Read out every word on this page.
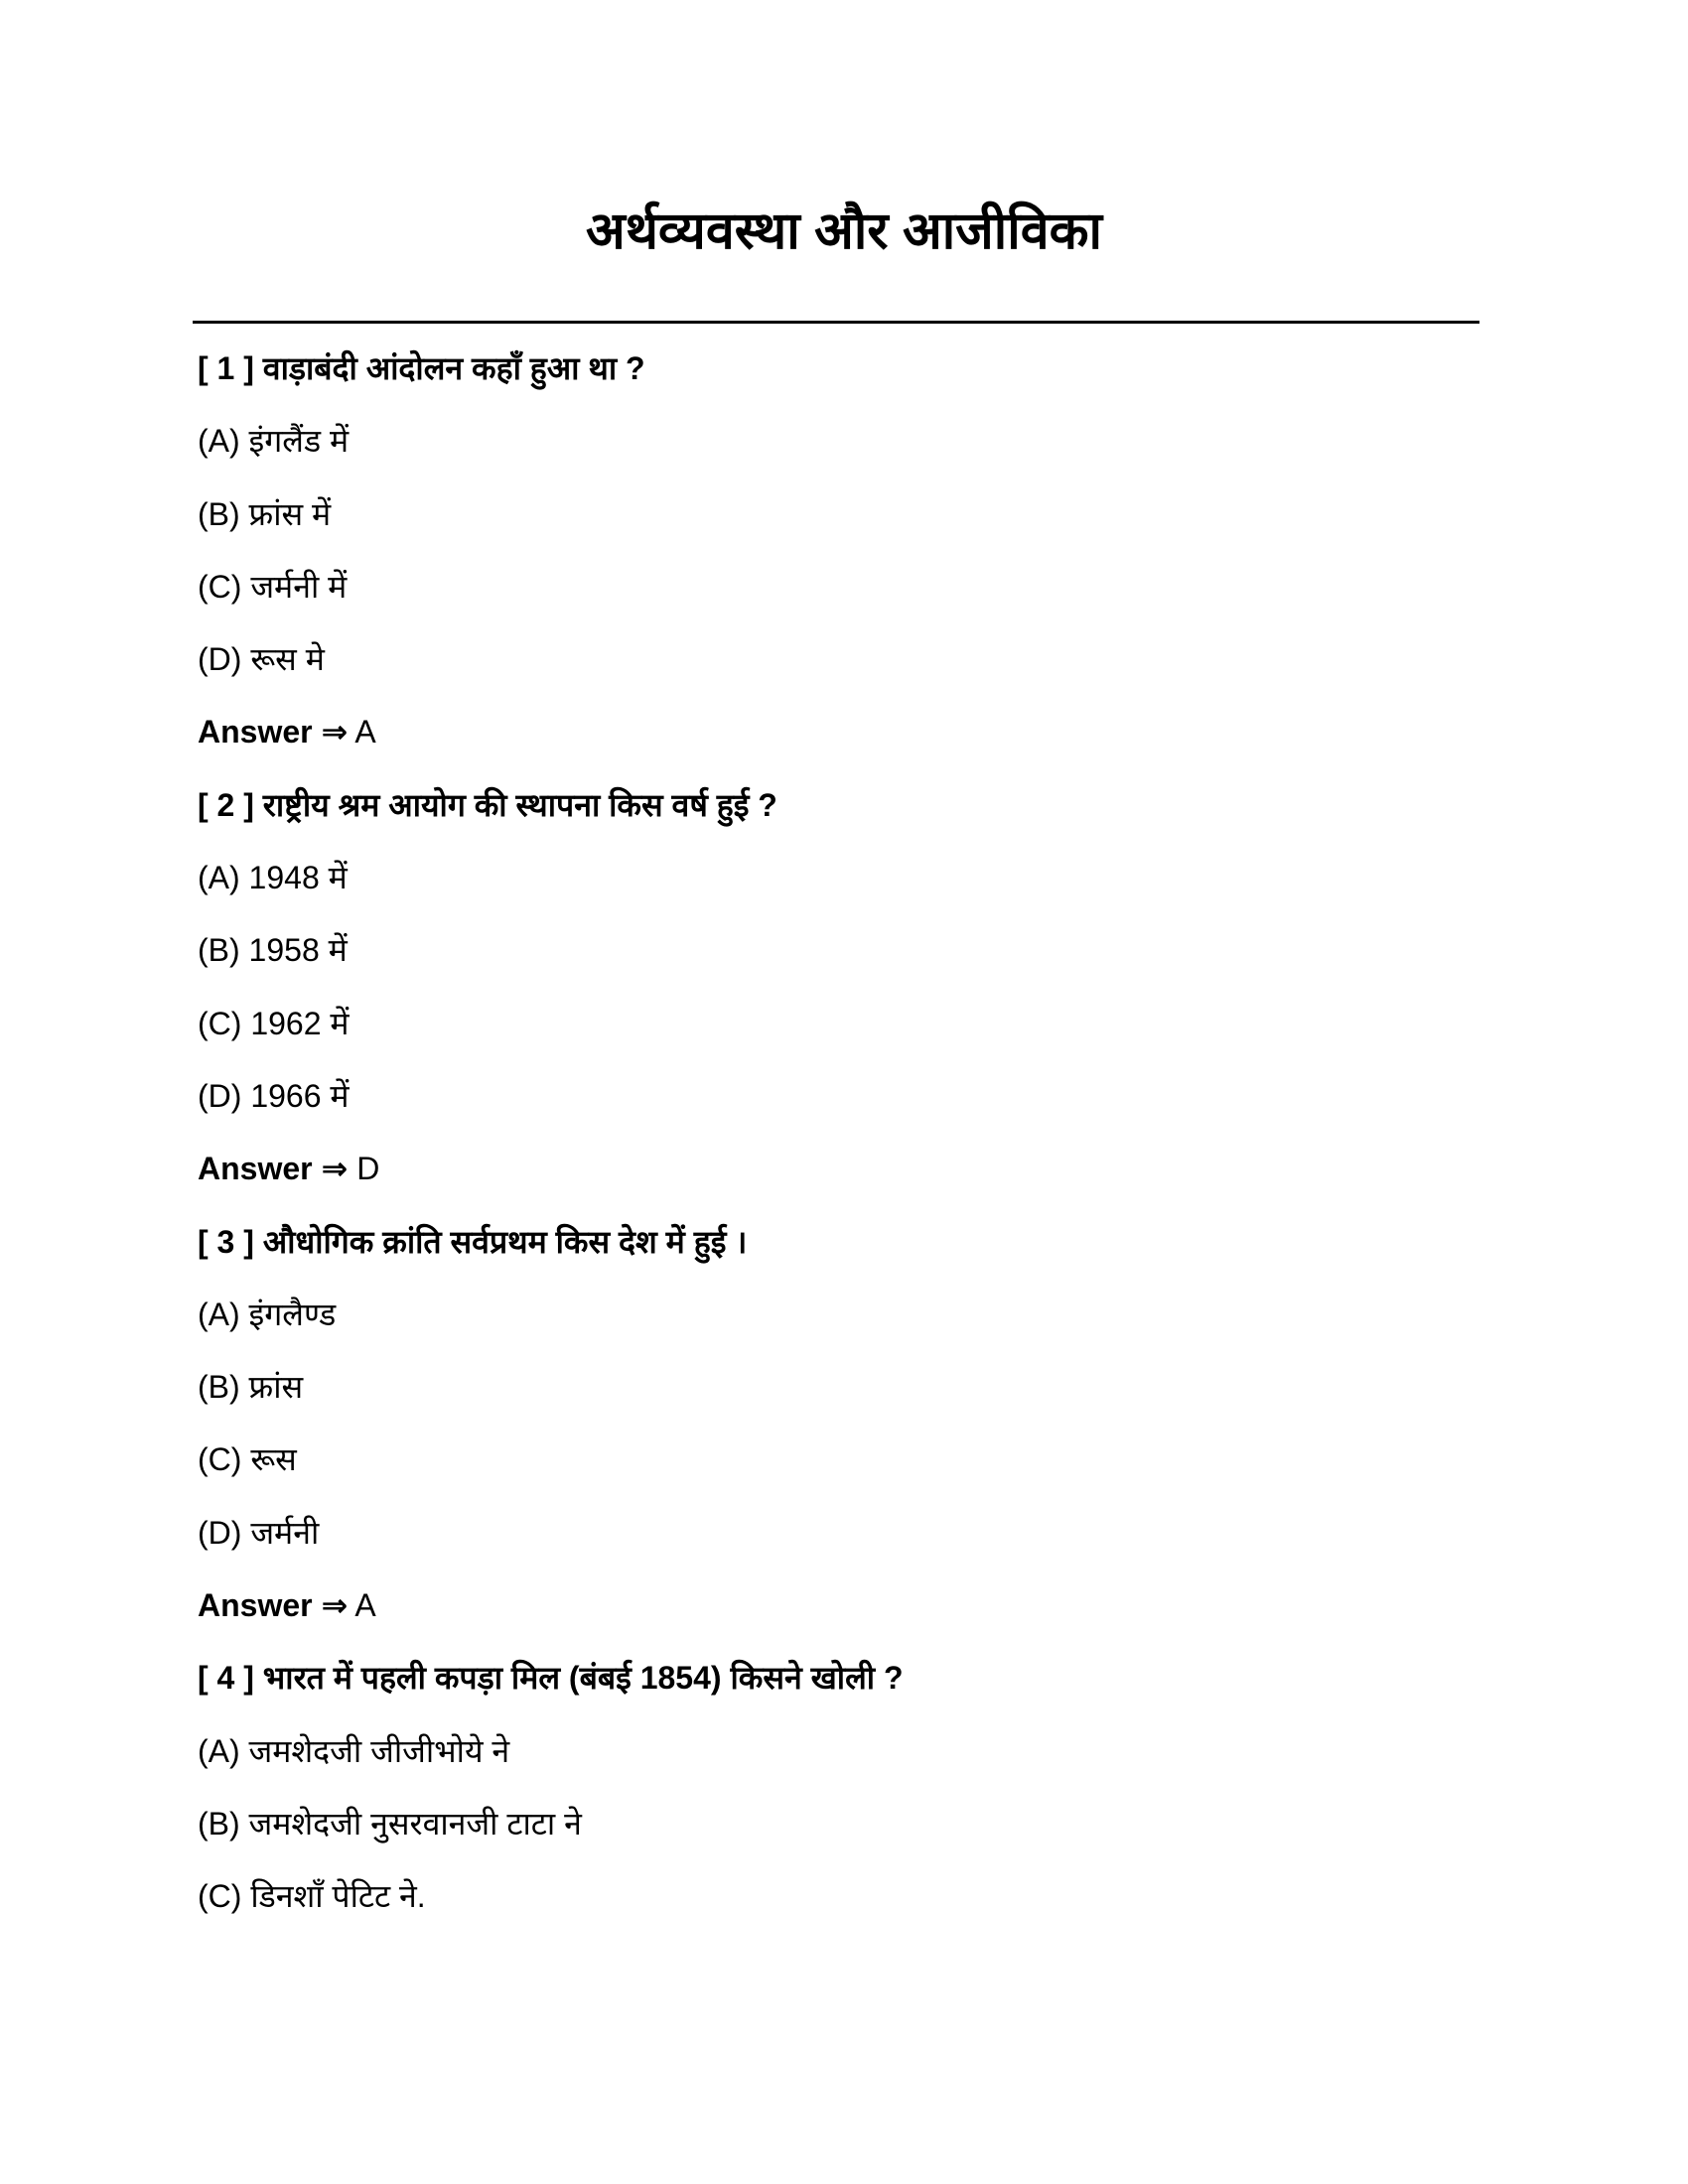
अर्थव्यवस्था और आजीविका
[ 1 ] वाड़ाबंदी आंदोलन कहाँ हुआ था ?
(A) इंगलैंड में
(B) फ्रांस में
(C) जर्मनी में
(D) रूस मे
Answer ⇒ A
[ 2 ] राष्ट्रीय श्रम आयोग की स्थापना किस वर्ष हुई ?
(A) 1948 में
(B) 1958 में
(C) 1962 में
(D) 1966 में
Answer ⇒ D
[ 3 ] औधोगिक क्रांति सर्वप्रथम किस देश में हुई ।
(A) इंगलैण्ड
(B) फ्रांस
(C) रूस
(D) जर्मनी
Answer ⇒ A
[ 4 ] भारत में पहली कपड़ा मिल (बंबई 1854) किसने खोली ?
(A) जमशेदजी जीजीभोये ने
(B) जमशेदजी नुसरवानजी टाटा ने
(C) डिनशाँ पेटिट ने.
